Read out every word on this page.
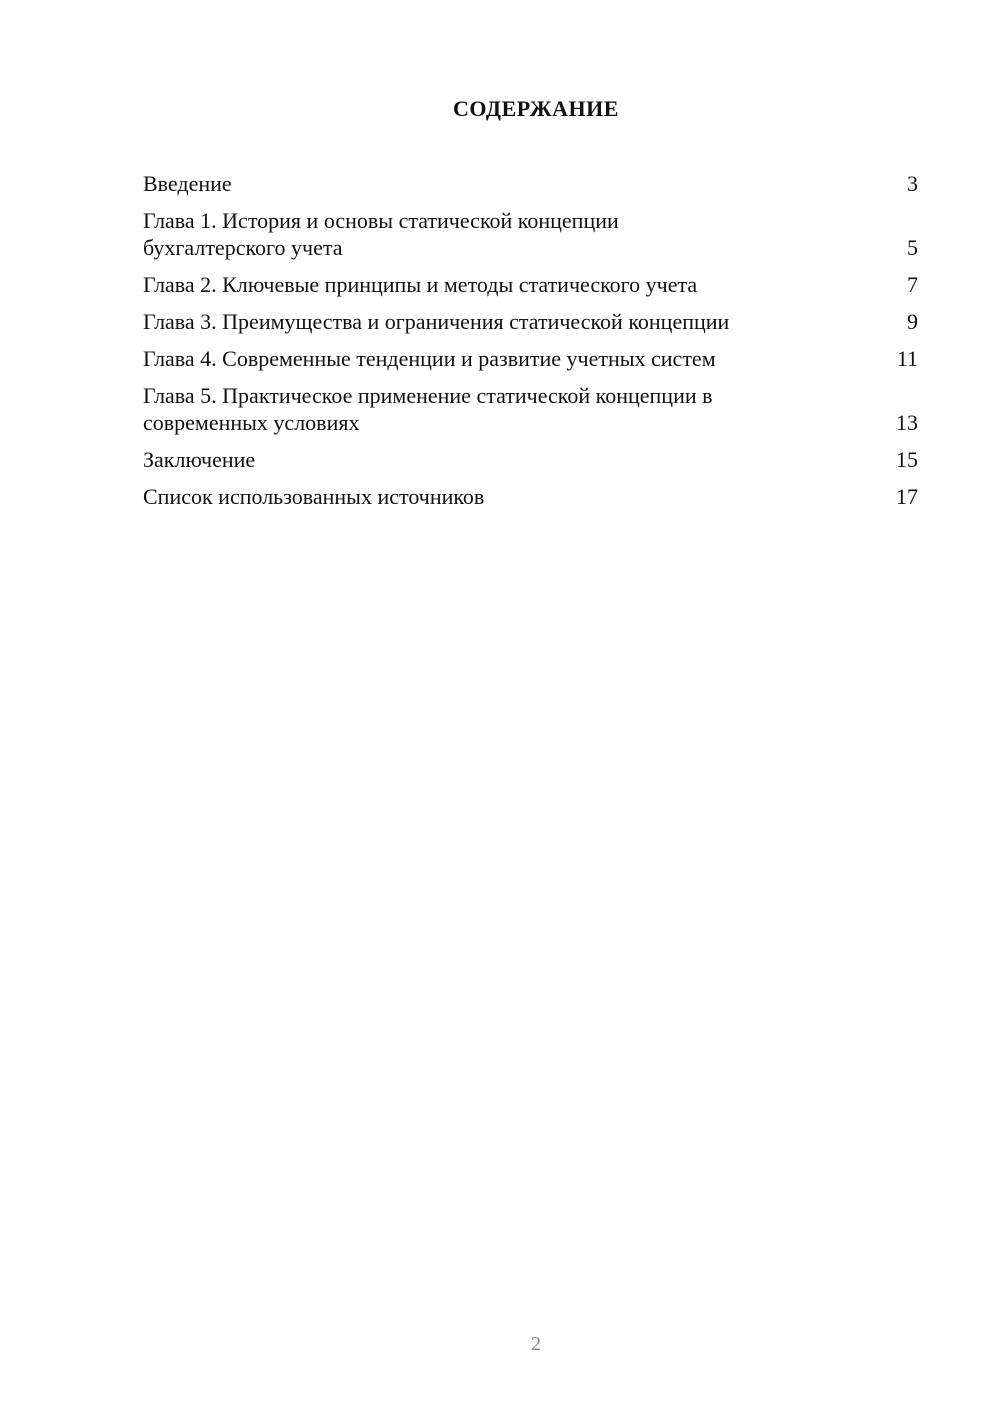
СОДЕРЖАНИЕ
Введение	3
Глава 1. История и основы статической концепции
бухгалтерского учета	5
Глава 2. Ключевые принципы и методы статического учета	7
Глава 3. Преимущества и ограничения статической концепции	9
Глава 4. Современные тенденции и развитие учетных систем	11
Глава 5. Практическое применение статической концепции в
современных условиях	13
Заключение	15
Список использованных источников	17
2
